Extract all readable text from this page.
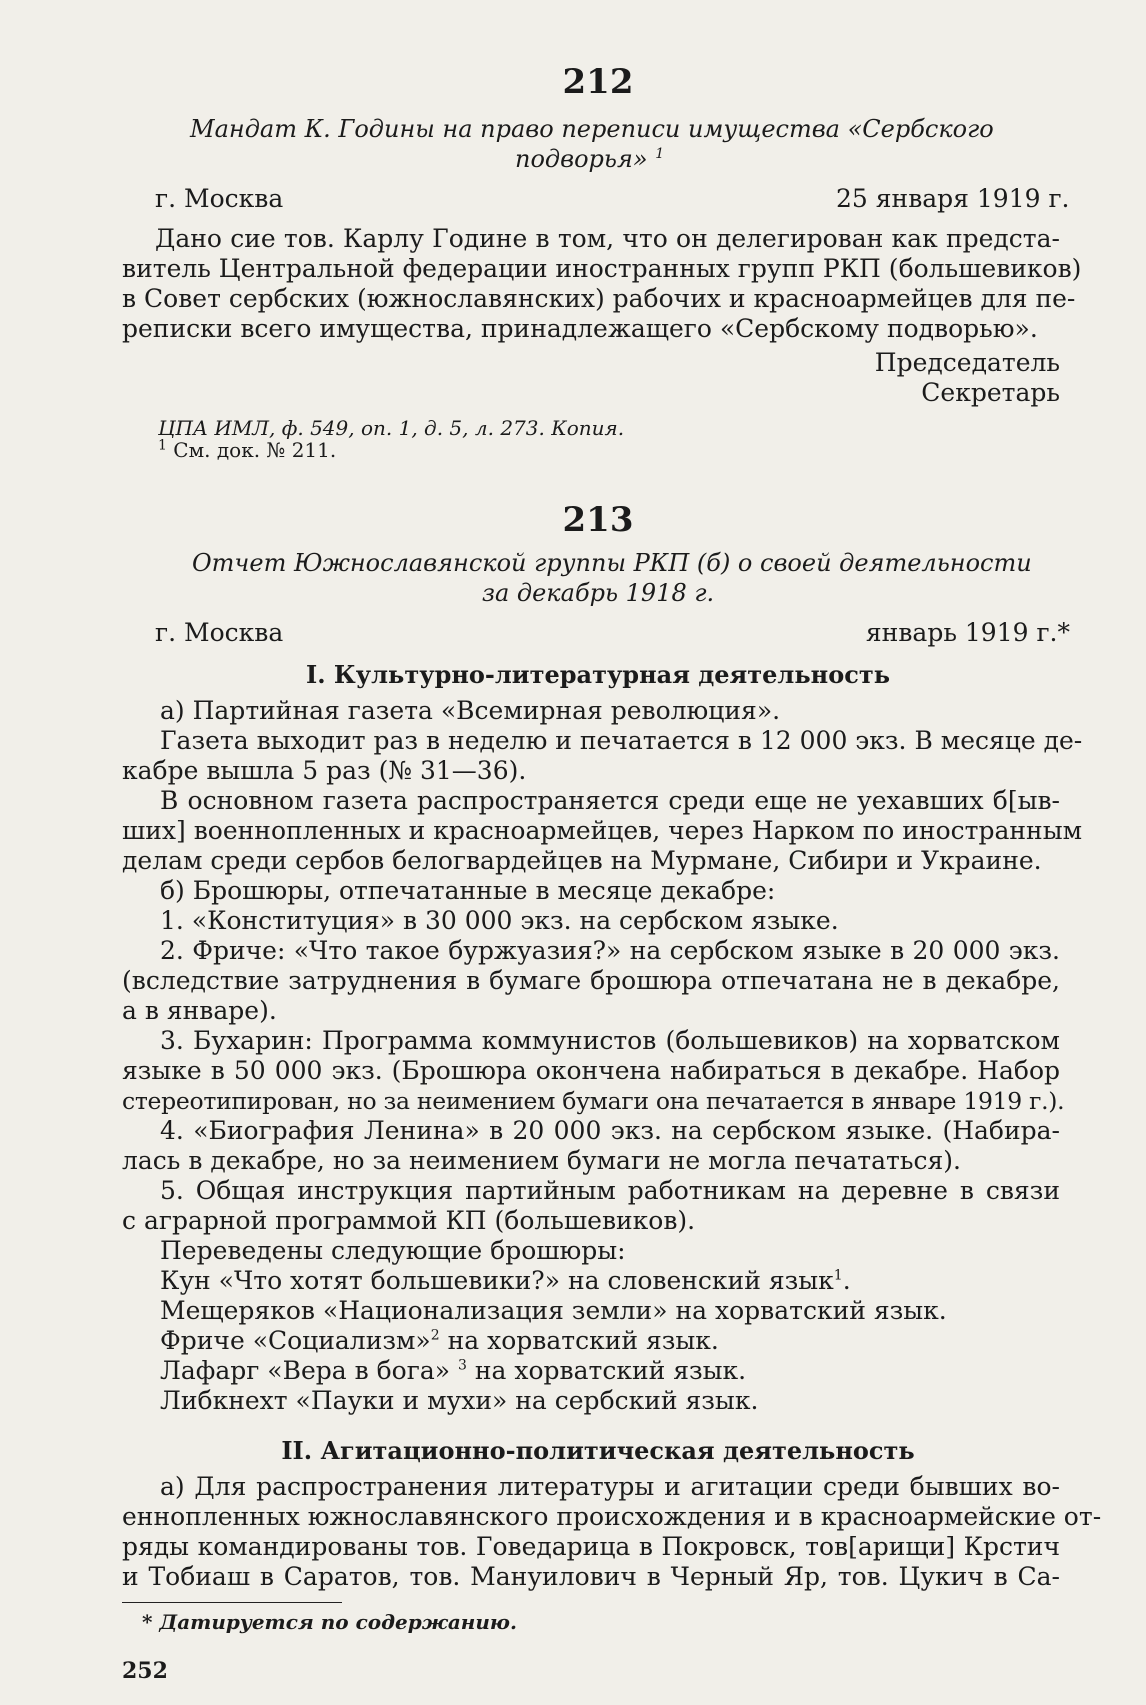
212
Мандат К. Годины на право переписи имущества «Сербского
подворья» $^1$
г. Москва	25 января 1919 г.
Дано сие тов. Карлу Године в том, что он делегирован как предста-
витель Центральной федерации иностранных групп РКП (большевиков)
в Совет сербских (южнославянских) рабочих и красноармейцев для пе-
реписки всего имущества, принадлежащего «Сербскому подворью».
Председатель
Секретарь
ЦПА ИМЛ, ф. 549, оп. 1, д. 5, л. 273. Копия.
$^1$ См. док. № 211.
213
Отчет Южнославянской группы РКП (б) о своей деятельности
за декабрь 1918 г.
г. Москва	январь 1919 г.*
I. Культурно-литературная деятельность
а) Партийная газета «Всемирная революция».
Газета выходит раз в неделю и печатается в 12 000 экз. В месяце де-
кабре вышла 5 раз (№ 31—36).
В основном газета распространяется среди еще не уехавших б[ыв-
ших] военнопленных и красноармейцев, через Нарком по иностранным
делам среди сербов белогвардейцев на Мурмане, Сибири и Украине.
б) Брошюры, отпечатанные в месяце декабре:
1. «Конституция» в 30 000 экз. на сербском языке.
2. Фриче: «Что такое буржуазия?» на сербском языке в 20 000 экз.
(вследствие затруднения в бумаге брошюра отпечатана не в декабре,
а в январе).
3. Бухарин: Программа коммунистов (большевиков) на хорватском
языке в 50 000 экз. (Брошюра окончена набираться в декабре. Набор
стереотипирован, но за неимением бумаги она печатается в январе 1919 г.).
4. «Биография Ленина» в 20 000 экз. на сербском языке. (Набира-
лась в декабре, но за неимением бумаги не могла печататься).
5. Общая инструкция партийным работникам на деревне в связи
с аграрной программой КП (большевиков).
Переведены следующие брошюры:
Кун «Что хотят большевики?» на словенский язык$^1$.
Мещеряков «Национализация земли» на хорватский язык.
Фриче «Социализм»$^2$ на хорватский язык.
Лафарг «Вера в бога» $^3$ на хорватский язык.
Либкнехт «Пауки и мухи» на сербский язык.
II. Агитационно-политическая деятельность
а) Для распространения литературы и агитации среди бывших во-
еннопленных южнославянского происхождения и в красноармейские от-
ряды командированы тов. Говедарица в Покровск, тов[арищи] Крстич
и Тобиаш в Саратов, тов. Мануилович в Черный Яр, тов. Цукич в Са-
* Датируется по содержанию.
252
